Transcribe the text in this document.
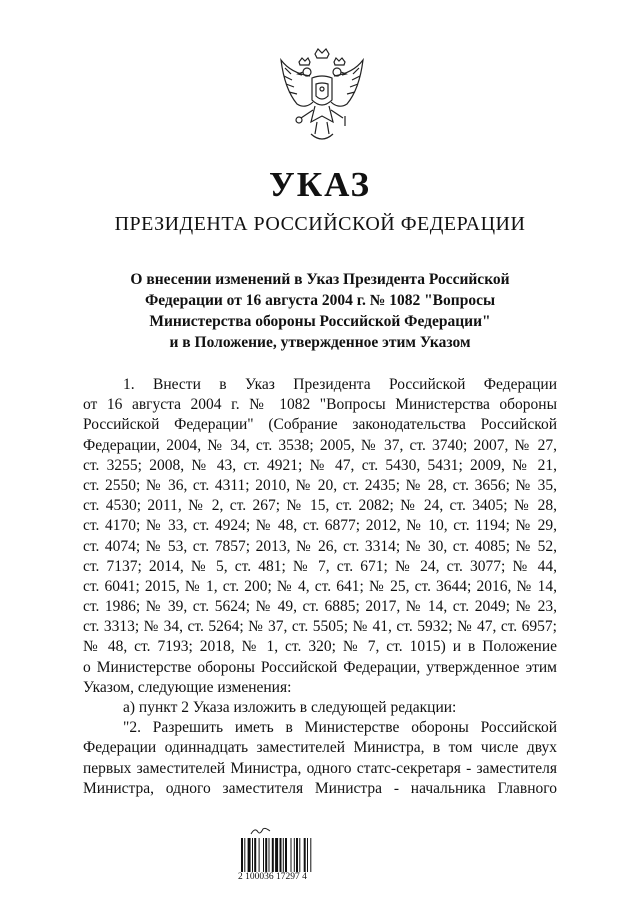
УКАЗ
ПРЕЗИДЕНТА РОССИЙСКОЙ ФЕДЕРАЦИИ
О внесении изменений в Указ Президента Российской
Федерации от 16 августа 2004 г. № 1082 "Вопросы
Министерства обороны Российской Федерации"
и в Положение, утвержденное этим Указом
1. Внести в Указ Президента Российской Федерации
от 16 августа 2004 г. № 1082 "Вопросы Министерства обороны
Российской Федерации" (Собрание законодательства Российской
Федерации, 2004, № 34, ст. 3538; 2005, № 37, ст. 3740; 2007, № 27,
ст. 3255; 2008, № 43, ст. 4921; № 47, ст. 5430, 5431; 2009, № 21,
ст. 2550; № 36, ст. 4311; 2010, № 20, ст. 2435; № 28, ст. 3656; № 35,
ст. 4530; 2011, № 2, ст. 267; № 15, ст. 2082; № 24, ст. 3405; № 28,
ст. 4170; № 33, ст. 4924; № 48, ст. 6877; 2012, № 10, ст. 1194; № 29,
ст. 4074; № 53, ст. 7857; 2013, № 26, ст. 3314; № 30, ст. 4085; № 52,
ст. 7137; 2014, № 5, ст. 481; № 7, ст. 671; № 24, ст. 3077; № 44,
ст. 6041; 2015, № 1, ст. 200; № 4, ст. 641; № 25, ст. 3644; 2016, № 14,
ст. 1986; № 39, ст. 5624; № 49, ст. 6885; 2017, № 14, ст. 2049; № 23,
ст. 3313; № 34, ст. 5264; № 37, ст. 5505; № 41, ст. 5932; № 47, ст. 6957;
№ 48, ст. 7193; 2018, № 1, ст. 320; № 7, ст. 1015) и в Положение
о Министерстве обороны Российской Федерации, утвержденное этим
Указом, следующие изменения:
а) пункт 2 Указа изложить в следующей редакции:
"2. Разрешить иметь в Министерстве обороны Российской
Федерации одиннадцать заместителей Министра, в том числе двух
первых заместителей Министра, одного статс-секретаря - заместителя
Министра, одного заместителя Министра - начальника Главного
2 100036 17297 4
